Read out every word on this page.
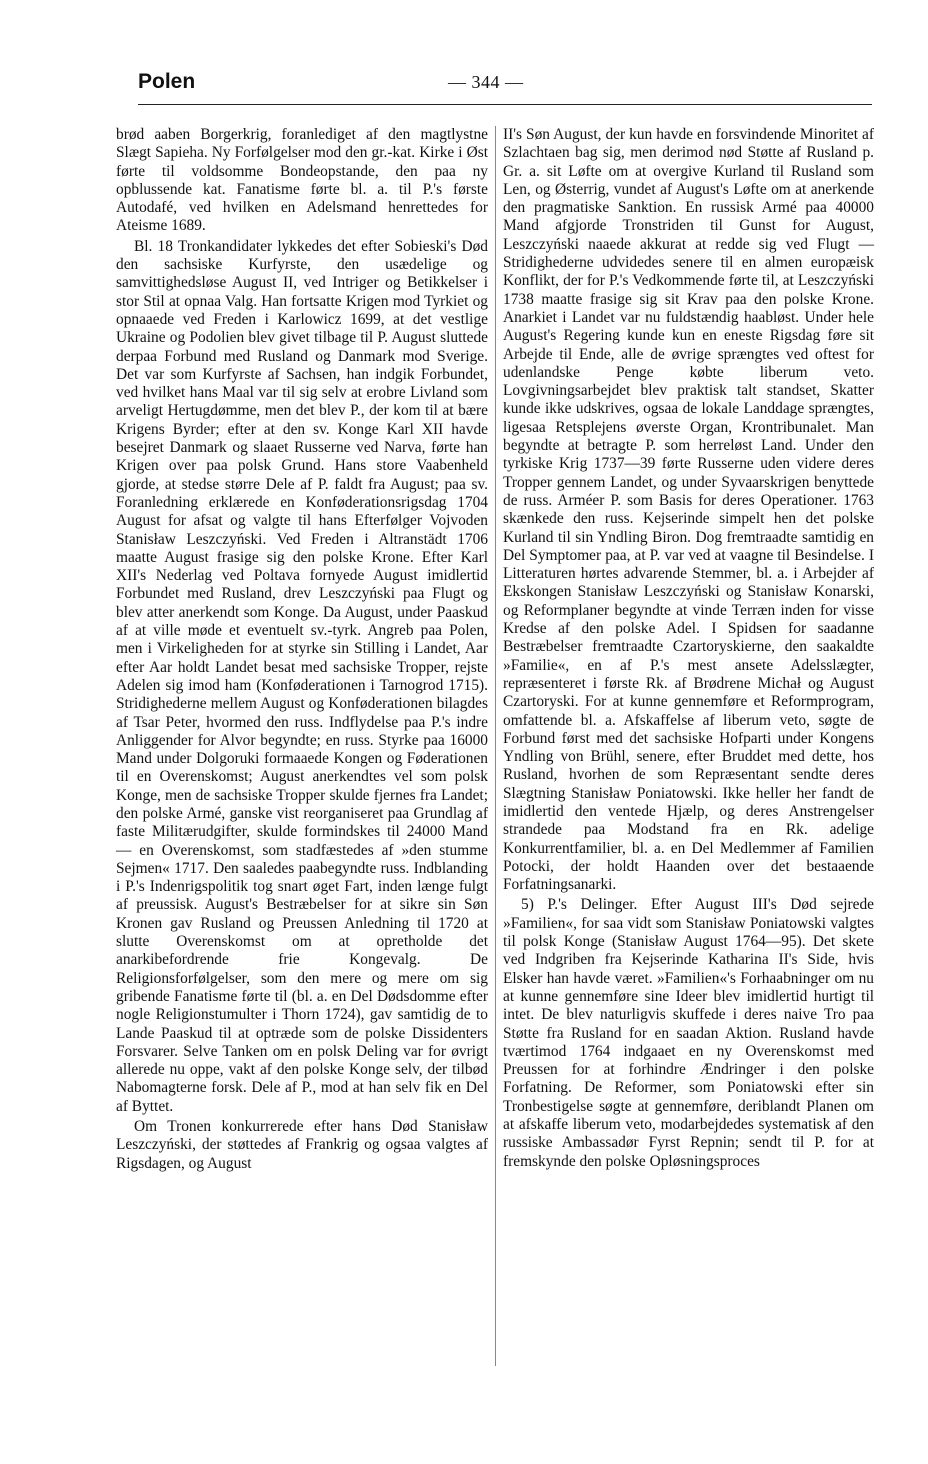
Polen	— 344 —

brød aaben Borgerkrig, foranlediget af den magtlystne Slægt Sapieha. Ny Forfølgelser mod den gr.-kat. Kirke i Øst førte til voldsomme Bondeopstande, den paa ny opblussende kat. Fanatisme førte bl. a. til P.'s første Autodafé, ved hvilken en Adelsmand henrettedes for Ateisme 1689.

Bl. 18 Tronkandidater lykkedes det efter Sobieski's Død den sachsiske Kurfyrste, den usædelige og samvittighedsløse August II, ved Intriger og Betikkelser i stor Stil at opnaa Valg. Han fortsatte Krigen mod Tyrkiet og opnaaede ved Freden i Karlowicz 1699, at det vestlige Ukraine og Podolien blev givet tilbage til P. August sluttede derpaa Forbund med Rusland og Danmark mod Sverige. Det var som Kurfyrste af Sachsen, han indgik Forbundet, ved hvilket hans Maal var til sig selv at erobre Livland som arveligt Hertugdømme, men det blev P., der kom til at bære Krigens Byrder; efter at den sv. Konge Karl XII havde besejret Danmark og slaaet Russerne ved Narva, førte han Krigen over paa polsk Grund. Hans store Vaabenheld gjorde, at stedse større Dele af P. faldt fra August; paa sv. Foranledning erklærede en Konføderationsrigsdag 1704 August for afsat og valgte til hans Efterfølger Vojvoden Stanisław Leszczyński. Ved Freden i Altranstädt 1706 maatte August frasige sig den polske Krone. Efter Karl XII's Nederlag ved Poltava fornyede August imidlertid Forbundet med Rusland, drev Leszczyński paa Flugt og blev atter anerkendt som Konge. Da August, under Paaskud af at ville møde et eventuelt sv.-tyrk. Angreb paa Polen, men i Virkeligheden for at styrke sin Stilling i Landet, Aar efter Aar holdt Landet besat med sachsiske Tropper, rejste Adelen sig imod ham (Konføderationen i Tarnogrod 1715). Stridighederne mellem August og Konføderationen bilagdes af Tsar Peter, hvormed den russ. Indflydelse paa P.'s indre Anliggender for Alvor begyndte; en russ. Styrke paa 16000 Mand under Dolgoruki formaaede Kongen og Føderationen til en Overenskomst; August anerkendtes vel som polsk Konge, men de sachsiske Tropper skulde fjernes fra Landet; den polske Armé, ganske vist reorganiseret paa Grundlag af faste Militærudgifter, skulde formindskes til 24000 Mand — en Overenskomst, som stadfæstedes af »den stumme Sejmen« 1717. Den saaledes paabegyndte russ. Indblanding i P.'s Indenrigspolitik tog snart øget Fart, inden længe fulgt af preussisk. August's Bestræbelser for at sikre sin Søn Kronen gav Rusland og Preussen Anledning til 1720 at slutte Overenskomst om at opretholde det anarkibefordrende frie Kongevalg. De Religionsforfølgelser, som den mere og mere om sig gribende Fanatisme førte til (bl. a. en Del Dødsdomme efter nogle Religionstumulter i Thorn 1724), gav samtidig de to Lande Paaskud til at optræde som de polske Dissidenters Forsvarer. Selve Tanken om en polsk Deling var for øvrigt allerede nu oppe, vakt af den polske Konge selv, der tilbød Nabomagterne forsk. Dele af P., mod at han selv fik en Del af Byttet.

Om Tronen konkurrerede efter hans Død Stanisław Leszczyński, der støttedes af Frankrig og ogsaa valgtes af Rigsdagen, og August

II's Søn August, der kun havde en forsvindende Minoritet af Szlachtaen bag sig, men derimod nød Støtte af Rusland p. Gr. a. sit Løfte om at overgive Kurland til Rusland som Len, og Østerrig, vundet af August's Løfte om at anerkende den pragmatiske Sanktion. En russisk Armé paa 40000 Mand afgjorde Tronstriden til Gunst for August, Leszczyński naaede akkurat at redde sig ved Flugt — Stridighederne udvidedes senere til en almen europæisk Konflikt, der for P.'s Vedkommende førte til, at Leszczyński 1738 maatte frasige sig sit Krav paa den polske Krone. Anarkiet i Landet var nu fuldstændig haabløst. Under hele August's Regering kunde kun en eneste Rigsdag føre sit Arbejde til Ende, alle de øvrige sprængtes ved oftest for udenlandske Penge købte liberum veto. Lovgivningsarbejdet blev praktisk talt standset, Skatter kunde ikke udskrives, ogsaa de lokale Landdage sprængtes, ligesaa Retsplejens øverste Organ, Krontribunalet. Man begyndte at betragte P. som herreløst Land. Under den tyrkiske Krig 1737—39 førte Russerne uden videre deres Tropper gennem Landet, og under Syvaarskrigen benyttede de russ. Arméer P. som Basis for deres Operationer. 1763 skænkede den russ. Kejserinde simpelt hen det polske Kurland til sin Yndling Biron. Dog fremtraadte samtidig en Del Symptomer paa, at P. var ved at vaagne til Besindelse. I Litteraturen hørtes advarende Stemmer, bl. a. i Arbejder af Ekskongen Stanisław Leszczyński og Stanisław Konarski, og Reformplaner begyndte at vinde Terræn inden for visse Kredse af den polske Adel. I Spidsen for saadanne Bestræbelser fremtraadte Czartoryskierne, den saakaldte »Familie«, en af P.'s mest ansete Adelsslægter, repræsenteret i første Rk. af Brødrene Michał og August Czartoryski. For at kunne gennemføre et Reformprogram, omfattende bl. a. Afskaffelse af liberum veto, søgte de Forbund først med det sachsiske Hofparti under Kongens Yndling von Brühl, senere, efter Bruddet med dette, hos Rusland, hvorhen de som Repræsentant sendte deres Slægtning Stanisław Poniatowski. Ikke heller her fandt de imidlertid den ventede Hjælp, og deres Anstrengelser strandede paa Modstand fra en Rk. adelige Konkurrentfamilier, bl. a. en Del Medlemmer af Familien Potocki, der holdt Haanden over det bestaaende Forfatningsanarki.

5) P.'s Delinger. Efter August III's Død sejrede »Familien«, for saa vidt som Stanisław Poniatowski valgtes til polsk Konge (Stanisław August 1764—95). Det skete ved Indgriben fra Kejserinde Katharina II's Side, hvis Elsker han havde været. »Familien«'s Forhaabninger om nu at kunne gennemføre sine Ideer blev imidlertid hurtigt til intet. De blev naturligvis skuffede i deres naive Tro paa Støtte fra Rusland for en saadan Aktion. Rusland havde tværtimod 1764 indgaaet en ny Overenskomst med Preussen for at forhindre Ændringer i den polske Forfatning. De Reformer, som Poniatowski efter sin Tronbestigelse søgte at gennemføre, deriblandt Planen om at afskaffe liberum veto, modarbejdedes systematisk af den russiske Ambassadør Fyrst Repnin; sendt til P. for at fremskynde den polske Opløsningsproces
